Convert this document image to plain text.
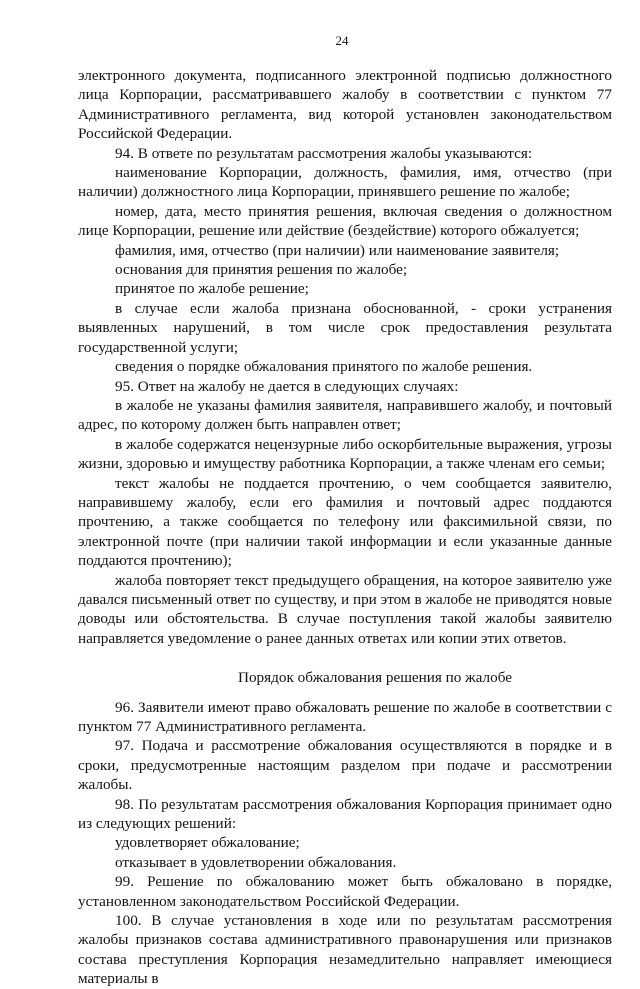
24

электронного документа, подписанного электронной подписью должностного лица Корпорации, рассматривавшего жалобу в соответствии с пунктом 77 Административного регламента, вид которой установлен законодательством Российской Федерации.

94. В ответе по результатам рассмотрения жалобы указываются:

наименование Корпорации, должность, фамилия, имя, отчество (при наличии) должностного лица Корпорации, принявшего решение по жалобе;

номер, дата, место принятия решения, включая сведения о должностном лице Корпорации, решение или действие (бездействие) которого обжалуется;

фамилия, имя, отчество (при наличии) или наименование заявителя;

основания для принятия решения по жалобе;

принятое по жалобе решение;

в случае если жалоба признана обоснованной, - сроки устранения выявленных нарушений, в том числе срок предоставления результата государственной услуги;

сведения о порядке обжалования принятого по жалобе решения.

95. Ответ на жалобу не дается в следующих случаях:

в жалобе не указаны фамилия заявителя, направившего жалобу, и почтовый адрес, по которому должен быть направлен ответ;

в жалобе содержатся нецензурные либо оскорбительные выражения, угрозы жизни, здоровью и имуществу работника Корпорации, а также членам его семьи;

текст жалобы не поддается прочтению, о чем сообщается заявителю, направившему жалобу, если его фамилия и почтовый адрес поддаются прочтению, а также сообщается по телефону или факсимильной связи, по электронной почте (при наличии такой информации и если указанные данные поддаются прочтению);

жалоба повторяет текст предыдущего обращения, на которое заявителю уже давался письменный ответ по существу, и при этом в жалобе не приводятся новые доводы или обстоятельства. В случае поступления такой жалобы заявителю направляется уведомление о ранее данных ответах или копии этих ответов.

Порядок обжалования решения по жалобе

96. Заявители имеют право обжаловать решение по жалобе в соответствии с пунктом 77 Административного регламента.

97. Подача и рассмотрение обжалования осуществляются в порядке и в сроки, предусмотренные настоящим разделом при подаче и рассмотрении жалобы.

98. По результатам рассмотрения обжалования Корпорация принимает одно из следующих решений:

удовлетворяет обжалование;

отказывает в удовлетворении обжалования.

99. Решение по обжалованию может быть обжаловано в порядке, установленном законодательством Российской Федерации.

100. В случае установления в ходе или по результатам рассмотрения жалобы признаков состава административного правонарушения или признаков состава преступления Корпорация незамедлительно направляет имеющиеся материалы в
